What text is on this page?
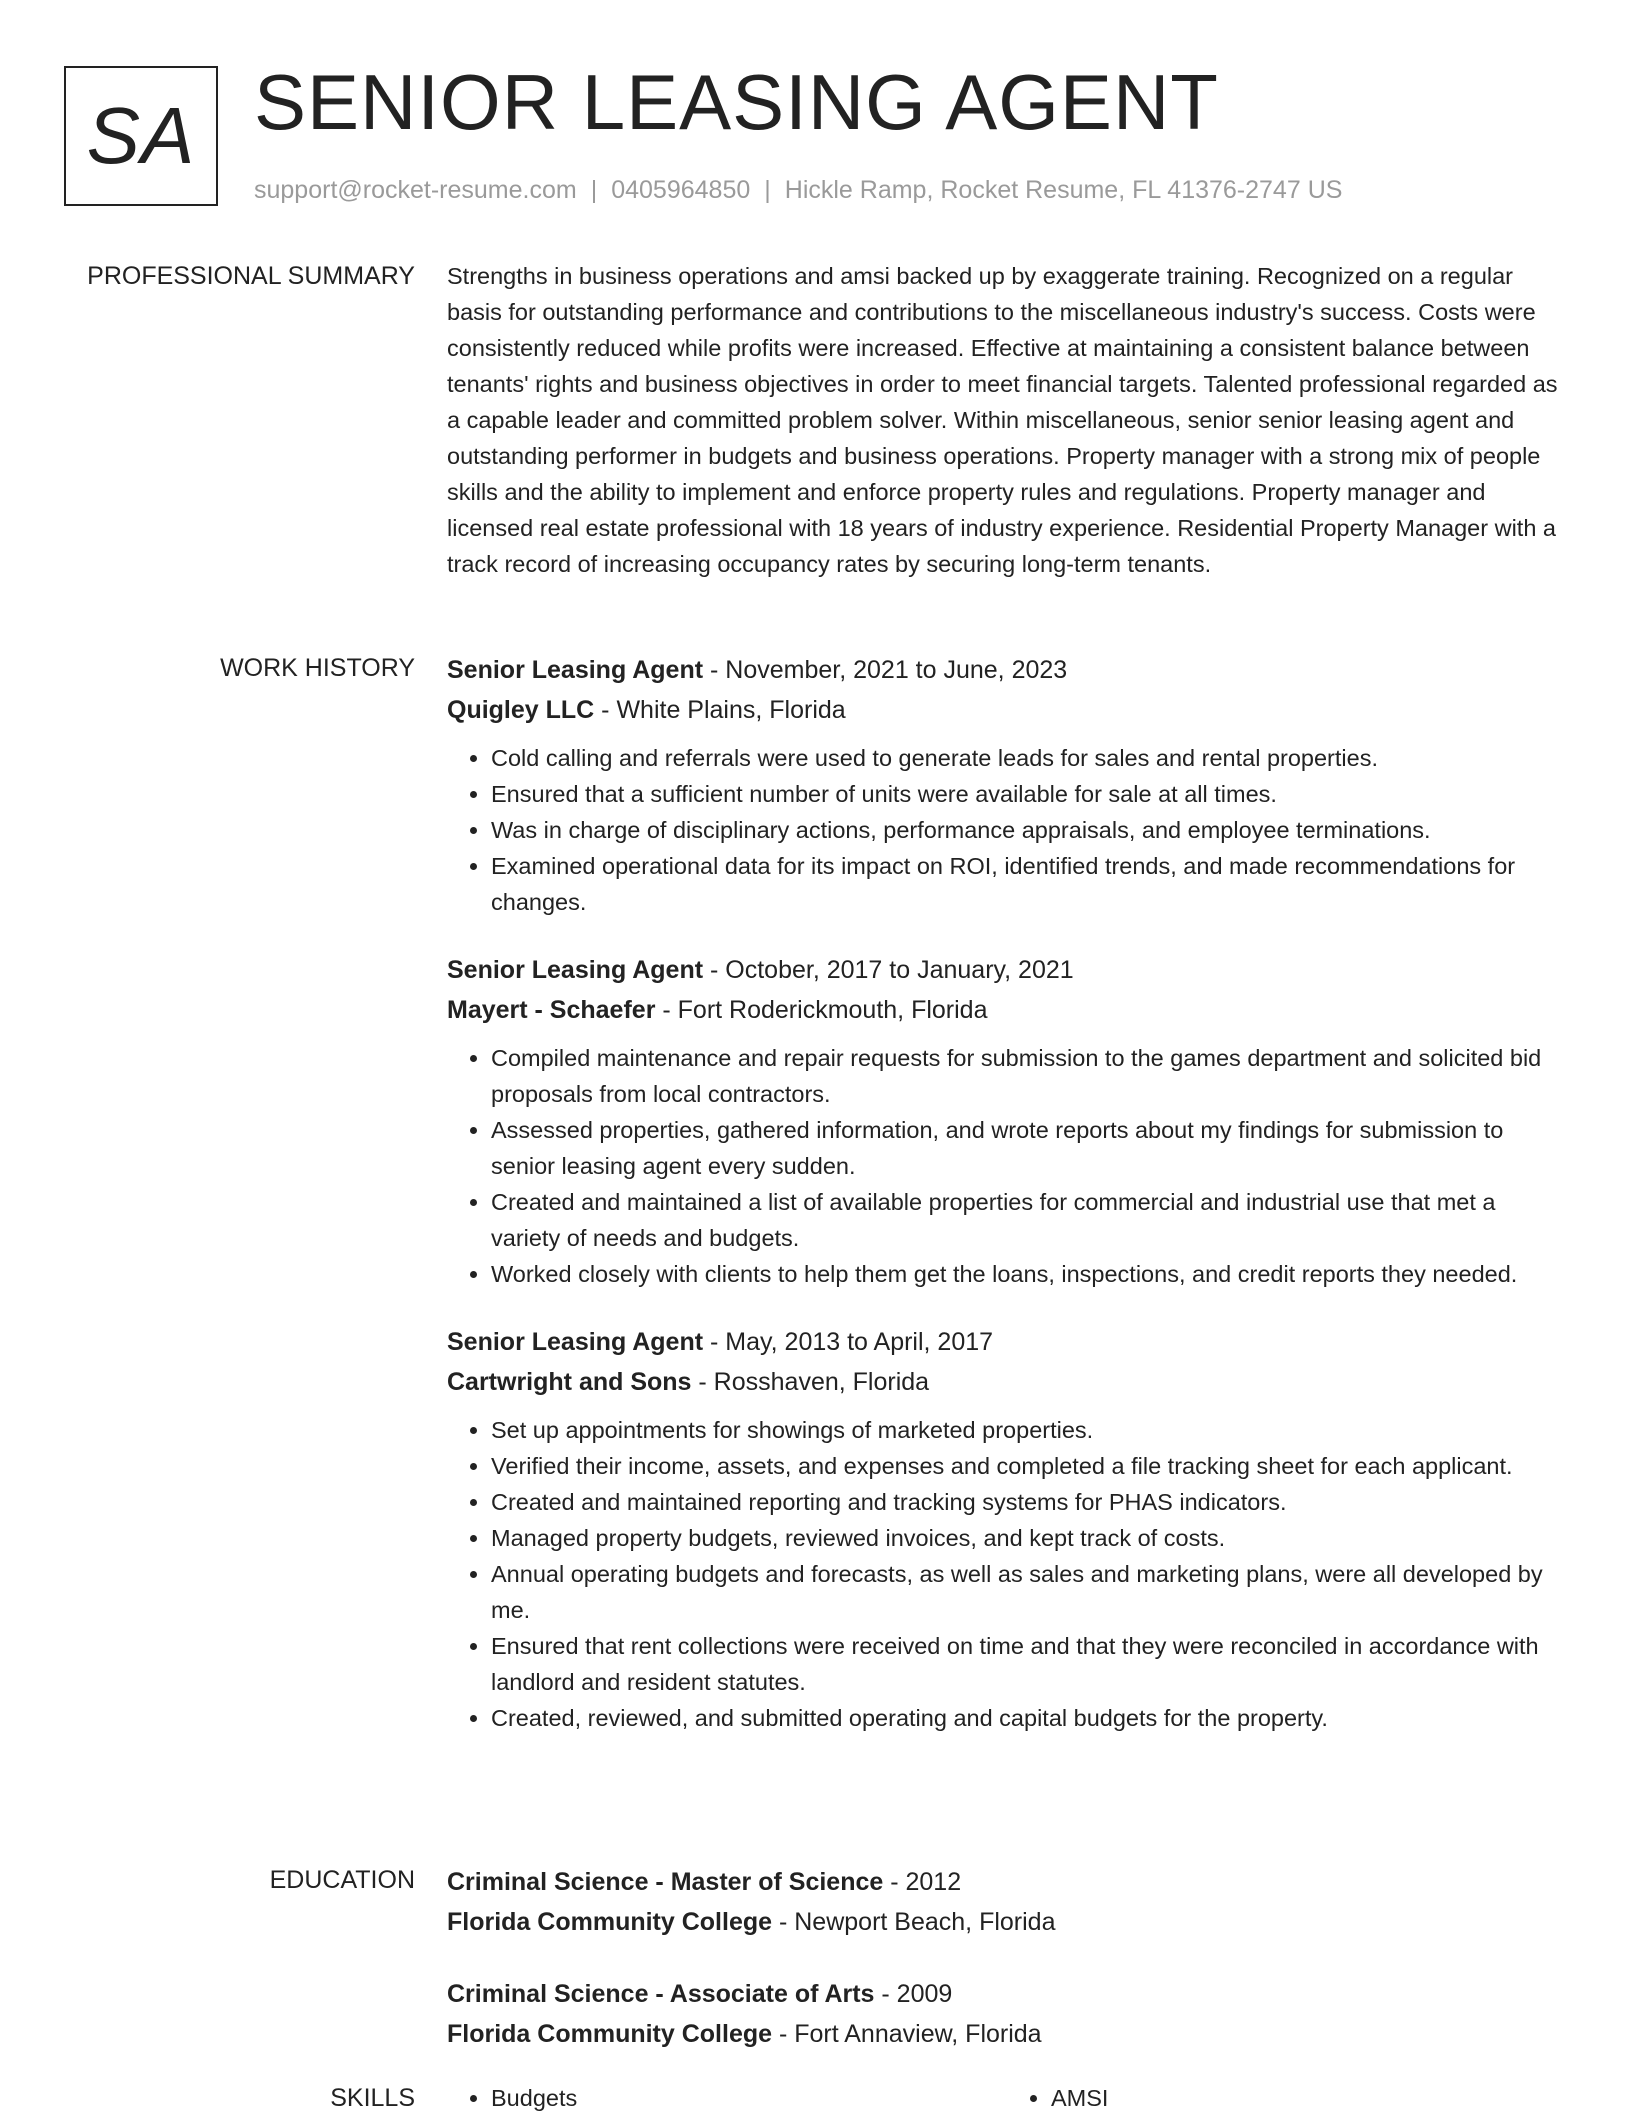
SA SENIOR LEASING AGENT
support@rocket-resume.com | 0405964850 | Hickle Ramp, Rocket Resume, FL 41376-2747 US
PROFESSIONAL SUMMARY Strengths in business operations and amsi backed up by exaggerate training. Recognized on a regular basis for outstanding performance and contributions to the miscellaneous industry's success. Costs were consistently reduced while profits were increased. Effective at maintaining a consistent balance between tenants' rights and business objectives in order to meet financial targets. Talented professional regarded as a capable leader and committed problem solver. Within miscellaneous, senior senior leasing agent and outstanding performer in budgets and business operations. Property manager with a strong mix of people skills and the ability to implement and enforce property rules and regulations. Property manager and licensed real estate professional with 18 years of industry experience. Residential Property Manager with a track record of increasing occupancy rates by securing long-term tenants.

WORK HISTORY Senior Leasing Agent - November, 2021 to June, 2023
Quigley LLC - White Plains, Florida
• Cold calling and referrals were used to generate leads for sales and rental properties.
• Ensured that a sufficient number of units were available for sale at all times.
• Was in charge of disciplinary actions, performance appraisals, and employee terminations.
• Examined operational data for its impact on ROI, identified trends, and made recommendations for changes.
Senior Leasing Agent - October, 2017 to January, 2021
Mayert - Schaefer - Fort Roderickmouth, Florida
• Compiled maintenance and repair requests for submission to the games department and solicited bid proposals from local contractors.
• Assessed properties, gathered information, and wrote reports about my findings for submission to senior leasing agent every sudden.
• Created and maintained a list of available properties for commercial and industrial use that met a variety of needs and budgets.
• Worked closely with clients to help them get the loans, inspections, and credit reports they needed.
Senior Leasing Agent - May, 2013 to April, 2017
Cartwright and Sons - Rosshaven, Florida
• Set up appointments for showings of marketed properties.
• Verified their income, assets, and expenses and completed a file tracking sheet for each applicant.
• Created and maintained reporting and tracking systems for PHAS indicators.
• Managed property budgets, reviewed invoices, and kept track of costs.
• Annual operating budgets and forecasts, as well as sales and marketing plans, were all developed by me.
• Ensured that rent collections were received on time and that they were reconciled in accordance with landlord and resident statutes.
• Created, reviewed, and submitted operating and capital budgets for the property.
EDUCATION Criminal Science - Master of Science - 2012
Florida Community College - Newport Beach, Florida
Criminal Science - Associate of Arts - 2009
Florida Community College - Fort Annaview, Florida
SKILLS	• Budgets	• AMSI
